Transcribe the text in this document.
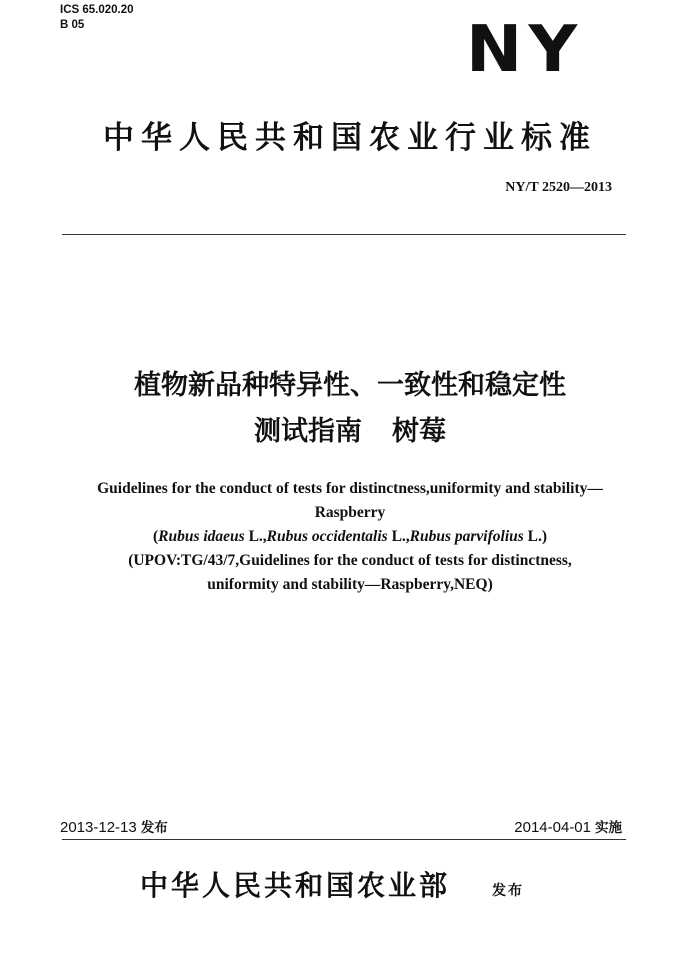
ICS 65.020.20
B 05	NY
中华人民共和国农业行业标准
NY/T 2520—2013
植物新品种特异性、一致性和稳定性
测试指南 树莓
Guidelines for the conduct of tests for distinctness,uniformity and stability—
Raspberry
(Rubus idaeus L.,Rubus occidentalis L.,Rubus parvifolius L.)
(UPOV:TG/43/7,Guidelines for the conduct of tests for distinctness,
uniformity and stability—Raspberry,NEQ)
2013-12-13 发布	2014-04-01 实施
中华人民共和国农业部	发布
